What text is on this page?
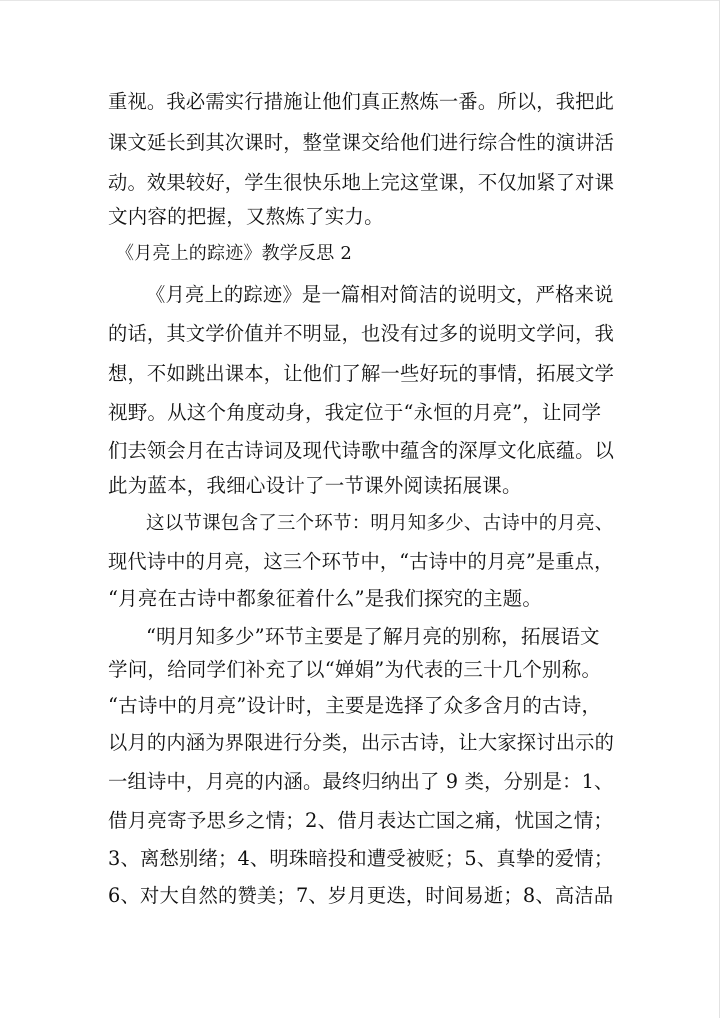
重视。我必需实行措施让他们真正熬炼一番。所以，我把此
课文延长到其次课时，整堂课交给他们进行综合性的演讲活
动。效果较好，学生很快乐地上完这堂课，不仅加紧了对课
文内容的把握，又熬炼了实力。
《月亮上的踪迹》教学反思 2
《月亮上的踪迹》是一篇相对简洁的说明文，严格来说
的话，其文学价值并不明显，也没有过多的说明文学问，我
想，不如跳出课本，让他们了解一些好玩的事情，拓展文学
视野。从这个角度动身，我定位于“永恒的月亮”，让同学
们去领会月在古诗词及现代诗歌中蕴含的深厚文化底蕴。以
此为蓝本，我细心设计了一节课外阅读拓展课。
这以节课包含了三个环节：明月知多少、古诗中的月亮、
现代诗中的月亮，这三个环节中，“古诗中的月亮”是重点，
“月亮在古诗中都象征着什么”是我们探究的主题。
“明月知多少”环节主要是了解月亮的别称，拓展语文
学问，给同学们补充了以“婵娟”为代表的三十几个别称。
“古诗中的月亮”设计时，主要是选择了众多含月的古诗，
以月的内涵为界限进行分类，出示古诗，让大家探讨出示的
一组诗中，月亮的内涵。最终归纳出了 9 类，分别是：1、
借月亮寄予思乡之情；2、借月表达亡国之痛，忧国之情；
3、离愁别绪；4、明珠暗投和遭受被贬；5、真挚的爱情；
6、对大自然的赞美；7、岁月更迭，时间易逝；8、高洁品
